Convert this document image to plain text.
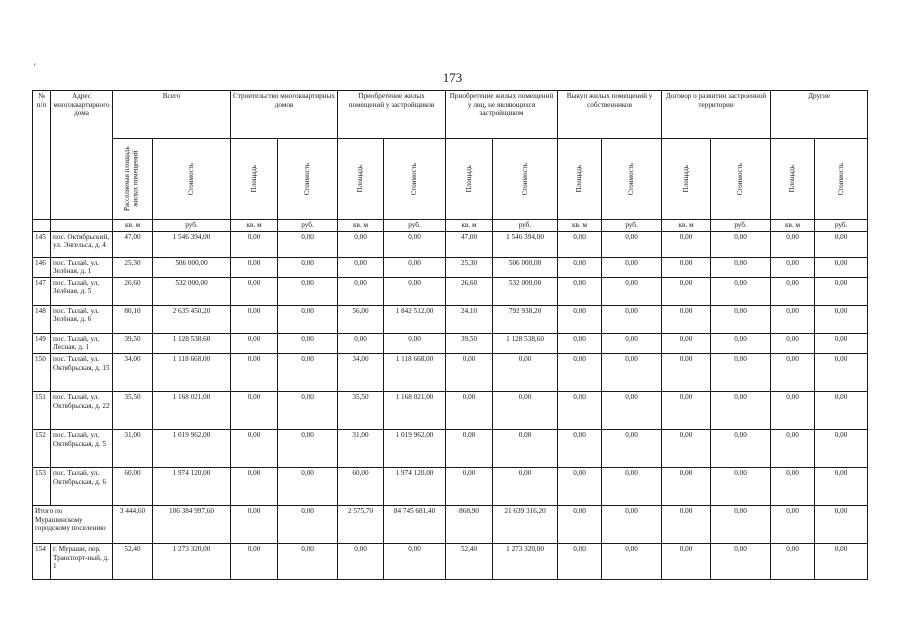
'
173
№ п/п	Адрес многоквартирного дома	Всего		Строительство многоквартирных домов		Приобретение жилых помещений у застройщиков		Приобретение жилых помещений у лиц, не являющихся застройщиком		Выкуп жилых помещений у собственников		Договор о развитии застроенной территории		Другие	

		Расселяемая площадь жилых помещений	Стоимость	Площадь	Стоимость	Площадь	Стоимость	Площадь	Стоимость	Площадь	Стоимость	Площадь	Стоимость	Площадь	Стоимость

		кв. м	руб.	кв. м	руб.	кв. м	руб.	кв. м	руб.	кв. м	руб.	кв. м	руб.	кв. м	руб.
145	пос. Октябрьский, ул. Энгельса, д. 4	47,00	1 546 394,00	0,00	0,00	0,00	0,00	47,00	1 546 394,00	0,00	0,00	0,00	0,00	0,00	0,00
146	пос. Тылай, ул. Зелёная, д. 1	25,30	506 000,00	0,00	0,00	0,00	0,00	25,30	506 000,00	0,00	0,00	0,00	0,00	0,00	0,00
147	пос. Тылай, ул. Зелёная, д. 5	26,60	532 000,00	0,00	0,00	0,00	0,00	26,60	532 000,00	0,00	0,00	0,00	0,00	0,00	0,00
148	пос. Тылай, ул. Зелёная, д. 6	80,10	2 635 450,20	0,00	0,00	56,00	1 842 512,00	24,10	792 938,20	0,00	0,00	0,00	0,00	0,00	0,00
149	пос. Тылай, ул. Лесная, д. 1	39,50	1 128 538,60	0,00	0,00	0,00	0,00	39,50	1 128 538,60	0,00	0,00	0,00	0,00	0,00	0,00
150	пос. Тылай, ул. Октябрьская, д. 15	34,00	1 118 668,00	0,00	0,00	34,00	1 118 668,00	0,00	0,00	0,00	0,00	0,00	0,00	0,00	0,00
151	пос. Тылай, ул. Октябрьская, д. 22	35,50	1 168 021,00	0,00	0,00	35,50	1 168 021,00	0,00	0,00	0,00	0,00	0,00	0,00	0,00	0,00
152	пос. Тылай, ул. Октябрьская, д. 5	31,00	1 019 962,00	0,00	0,00	31,00	1 019 962,00	0,00	0,00	0,00	0,00	0,00	0,00	0,00	0,00
153	пос. Тылай, ул. Октябрьская, д. 6	60,00	1 974 120,00	0,00	0,00	60,00	1 974 120,00	0,00	0,00	0,00	0,00	0,00	0,00	0,00	0,00
Итого по Мурашинскому городскому поселению		3 444,60	106 384 997,60	0,00	0,00	2 575,70	84 745 681,40	868,90	21 639 316,20	0,00	0,00	0,00	0,00	0,00	0,00
154	г. Мураши, пер. Транспорт-ный, д. 1	52,40	1 273 320,00	0,00	0,00	0,00	0,00	52,40	1 273 320,00	0,00	0,00	0,00	0,00	0,00	0,00
